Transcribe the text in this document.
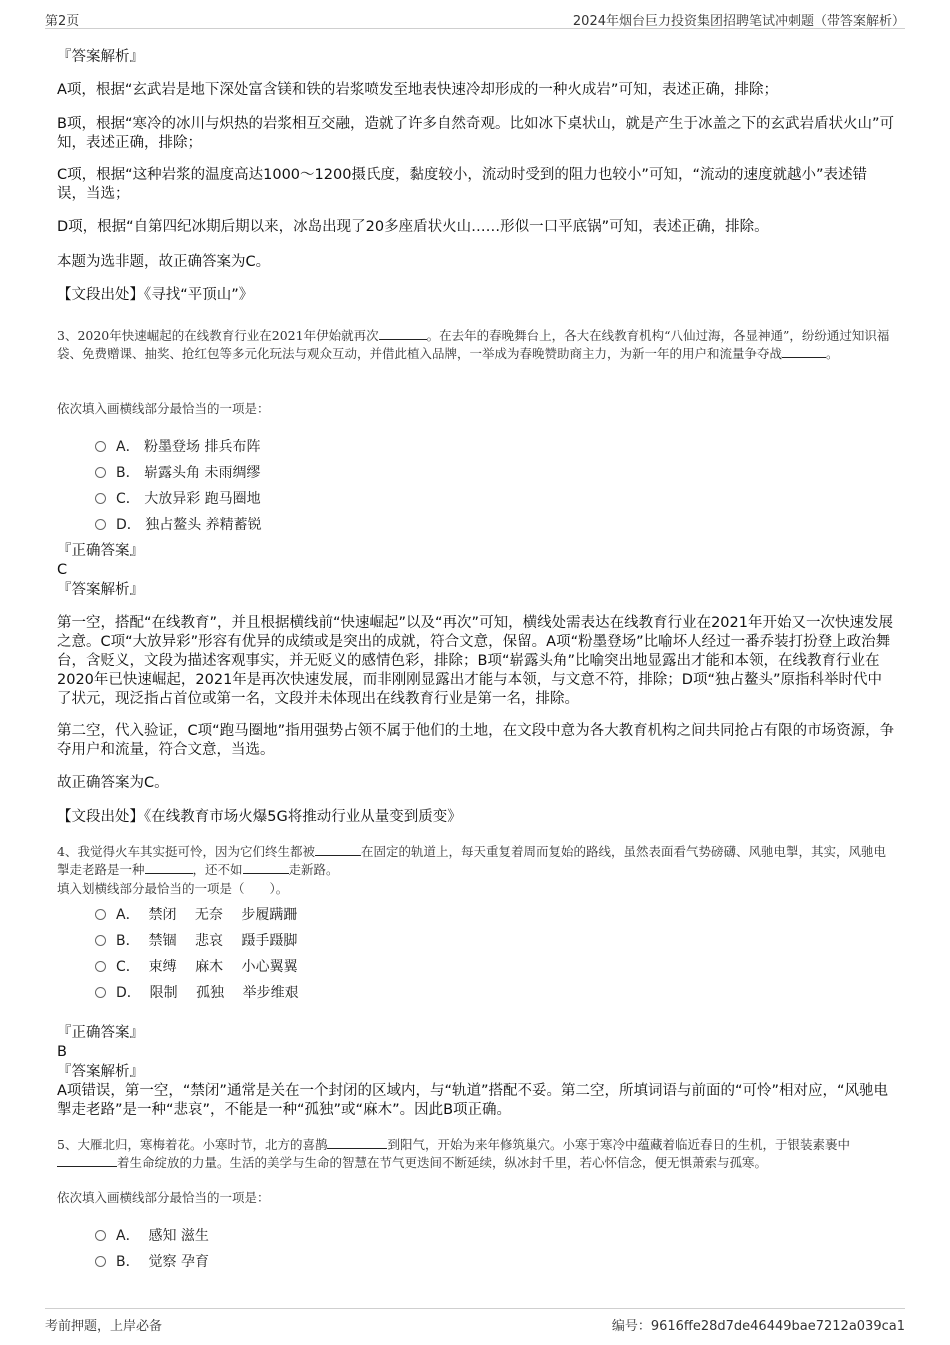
第2页	2024年烟台巨力投资集团招聘笔试冲刺题（带答案解析）
『答案解析』
A项，根据“玄武岩是地下深处富含镁和铁的岩浆喷发至地表快速冷却形成的一种火成岩”可知，表述正确，排除；
B项，根据“寒冷的冰川与炽热的岩浆相互交融，造就了许多自然奇观。比如冰下桌状山，就是产生于冰盖之下的玄武岩盾状火山”可知，表述正确，排除；
C项，根据“这种岩浆的温度高达1000～1200摄氏度，黏度较小，流动时受到的阻力也较小”可知，“流动的速度就越小”表述错误，当选；
D项，根据“自第四纪冰期后期以来，冰岛出现了20多座盾状火山……形似一口平底锅”可知，表述正确，排除。
本题为选非题，故正确答案为C。
【文段出处】《寻找“平顶山”》
3、2020年快速崛起的在线教育行业在2021年伊始就再次	。在去年的春晚舞台上，各大在线教育机构“八仙过海，各显神通”，纷纷通过知识福袋、免费赠课、抽奖、抢红包等多元化玩法与观众互动，并借此植入品牌，一举成为春晚赞助商主力，为新一年的用户和流量争夺战	。
依次填入画横线部分最恰当的一项是：
A． 粉墨登场 排兵布阵
B． 崭露头角 未雨绸缪
C． 大放异彩 跑马圈地
D． 独占鳌头 养精蓄锐
『正确答案』
C
『答案解析』
第一空，搭配“在线教育”，并且根据横线前“快速崛起”以及“再次”可知，横线处需表达在线教育行业在2021年开始又一次快速发展之意。C项“大放异彩”形容有优异的成绩或是突出的成就，符合文意，保留。A项“粉墨登场”比喻坏人经过一番乔装打扮登上政治舞台，含贬义，文段为描述客观事实，并无贬义的感情色彩，排除；B项“崭露头角”比喻突出地显露出才能和本领，在线教育行业在2020年已快速崛起，2021年是再次快速发展，而非刚刚显露出才能与本领，与文意不符，排除；D项“独占鳌头”原指科举时代中了状元，现泛指占首位或第一名，文段并未体现出在线教育行业是第一名，排除。
第二空，代入验证，C项“跑马圈地”指用强势占领不属于他们的土地，在文段中意为各大教育机构之间共同抢占有限的市场资源，争夺用户和流量，符合文意，当选。
故正确答案为C。
【文段出处】《在线教育市场火爆5G将推动行业从量变到质变》
4、我觉得火车其实挺可怜，因为它们终生都被	在固定的轨道上，每天重复着周而复始的路线，虽然表面看气势磅礴、风驰电掣，其实，风驰电掣走老路是一种	，还不如	走新路。
填入划横线部分最恰当的一项是（　　）。
A．  禁闭　 无奈　 步履蹒跚
B．  禁锢　 悲哀　 蹑手蹑脚
C．  束缚　 麻木　 小心翼翼
D．  限制　 孤独　 举步维艰
『正确答案』
B
『答案解析』
A项错误，第一空，“禁闭”通常是关在一个封闭的区域内，与“轨道”搭配不妥。第二空，所填词语与前面的“可怜”相对应，“风驰电掣走老路”是一种“悲哀”，不能是一种“孤独”或“麻木”。因此B项正确。
5、大雁北归，寒梅着花。小寒时节，北方的喜鹊	到阳气，开始为来年修筑巢穴。小寒于寒冷中蕴藏着临近春日的生机，于银装素裹中着生命绽放的力量。生活的美学与生命的智慧在节气更迭间不断延续，纵冰封千里，若心怀信念，便无惧萧索与孤寒。
依次填入画横线部分最恰当的一项是：
A．  感知 滋生
B．  觉察 孕育
考前押题，上岸必备	编号：9616ffe28d7de46449bae7212a039ca1
